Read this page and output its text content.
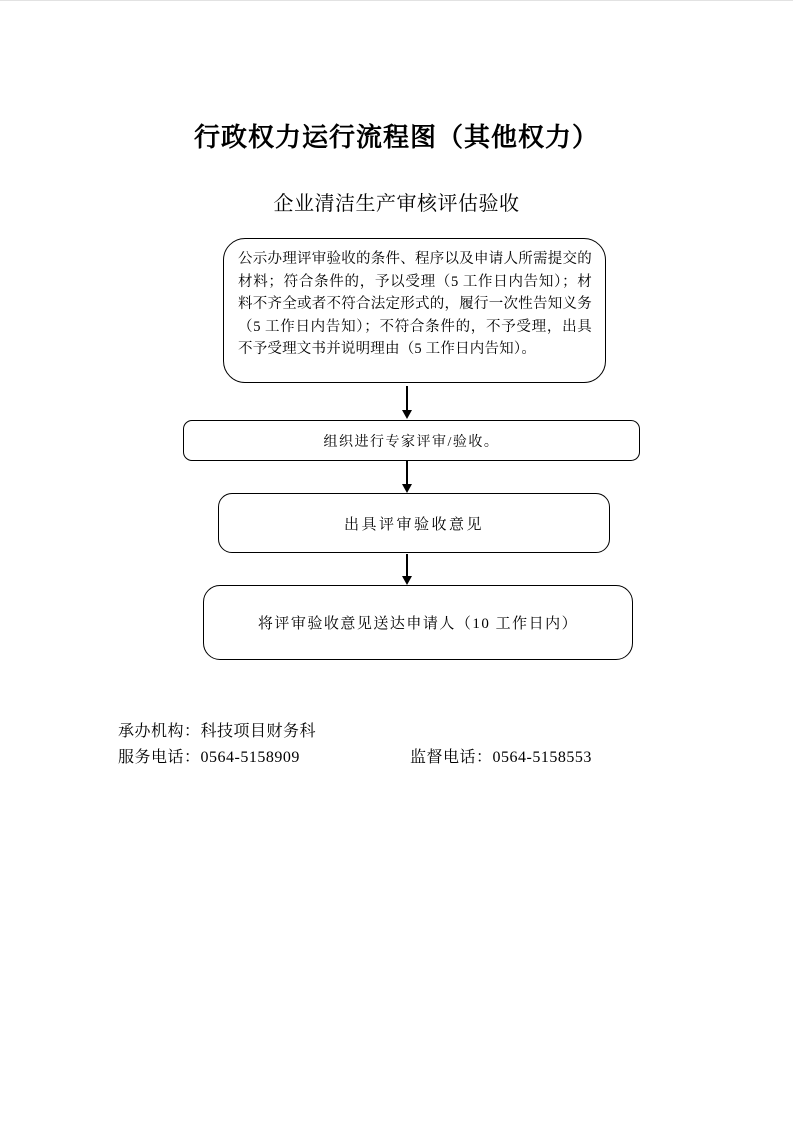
行政权力运行流程图（其他权力）
企业清洁生产审核评估验收
公示办理评审验收的条件、程序以及申请人所需提交的材料；符合条件的，予以受理（5 工作日内告知）；材料不齐全或者不符合法定形式的，履行一次性告知义务（5 工作日内告知）；不符合条件的，不予受理，出具不予受理文书并说明理由（5 工作日内告知）。
组织进行专家评审/验收。
出具评审验收意见
将评审验收意见送达申请人（10 工作日内）
承办机构：科技项目财务科
服务电话：0564-5158909	监督电话：0564-5158553
